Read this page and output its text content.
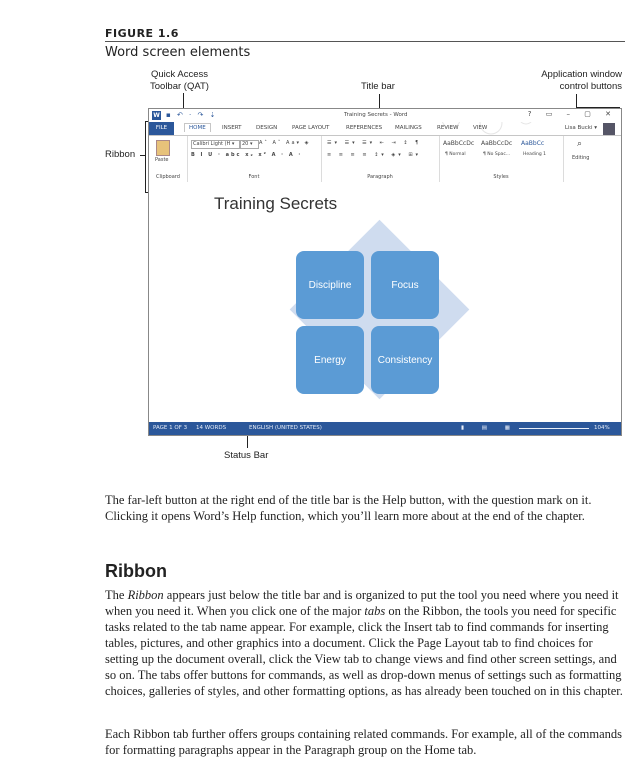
FIGURE 1.6
Word screen elements
Quick Access
Toolbar (QAT)	Title bar
Application window
control buttons
Ribbon
Status Bar
W ▪ ↶ · ↷ ⇣	Training Secrets - Word	? ▭ – ▢ ✕
FILE	HOME	INSERT	DESIGN	PAGE LAYOUT	REFERENCES MAILINGS	REVIEW	VIEW	Lisa Bucki ▾
Paste
Clipboard
Calibri Light (H ▾	20 ▾	A˄ A˅ Aa▾ ◈
B I U · abc x₂ x² A · A ·
Font
☰▾ ☰▾ ☰▾ ⇤ ⇥ ↕ ¶
≡ ≡ ≡ ≡ ↕▾ ◈▾ ⊞▾
Paragraph
AaBbCcDc
¶ Normal
AaBbCcDc
¶ No Spac...
AaBbCc
Heading 1
Styles
⌕
Editing
Training Secrets
Discipline	Focus
Energy	Consistency
PAGE 1 OF 3 14 WORDS	ENGLISH (UNITED STATES)	▮ ▤ ▦	104%

The far-left button at the right end of the title bar is the Help button, with the question mark on it. Clicking it opens Word’s Help function, which you’ll learn more about at the end of the chapter.

Ribbon

The Ribbon appears just below the title bar and is organized to put the tool you need where you need it when you need it. When you click one of the major tabs on the Ribbon, the tools you need for specific tasks related to the tab name appear. For example, click the Insert tab to find commands for inserting tables, pictures, and other graphics into a document. Click the Page Layout tab to find choices for setting up the document overall, click the View tab to change views and find other screen settings, and so on. The tabs offer buttons for commands, as well as drop-down menus of settings such as formatting choices, galleries of styles, and other formatting options, as has already been touched on in this chapter.

Each Ribbon tab further offers groups containing related commands. For example, all of the commands for formatting paragraphs appear in the Paragraph group on the Home tab.
